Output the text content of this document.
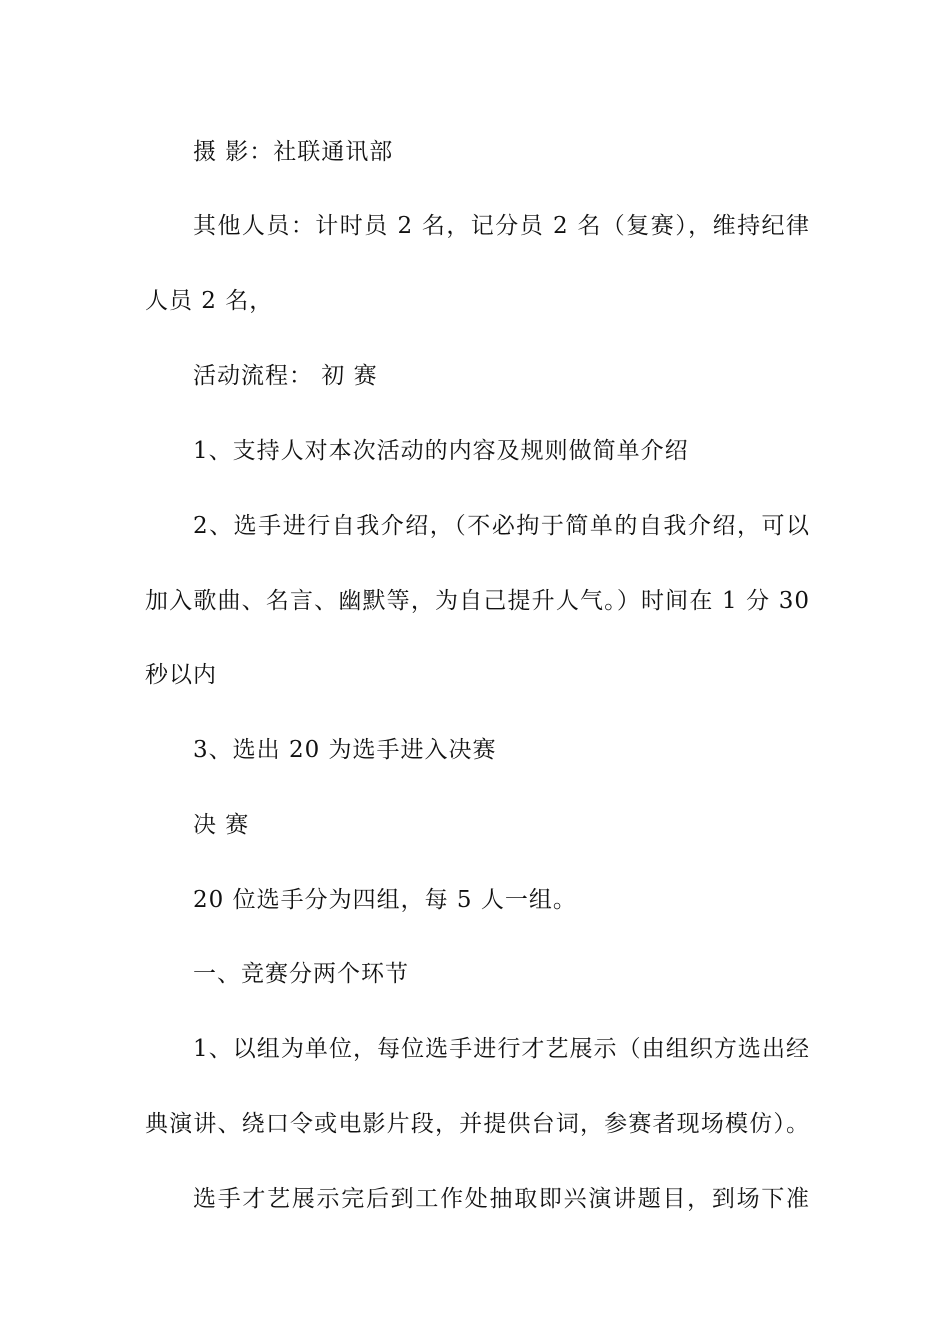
摄 影：社联通讯部
其他人员：计时员 2 名，记分员 2 名（复赛），维持纪律
人员 2 名，
活动流程： 初 赛
1、支持人对本次活动的内容及规则做简单介绍
2、选手进行自我介绍，（不必拘于简单的自我介绍，可以
加入歌曲、名言、幽默等，为自己提升人气。）时间在 1 分 30
秒以内
3、选出 20 为选手进入决赛
决 赛
20 位选手分为四组，每 5 人一组。
一、竞赛分两个环节
1、以组为单位，每位选手进行才艺展示（由组织方选出经
典演讲、绕口令或电影片段，并提供台词，参赛者现场模仿）。
选手才艺展示完后到工作处抽取即兴演讲题目，到场下准
